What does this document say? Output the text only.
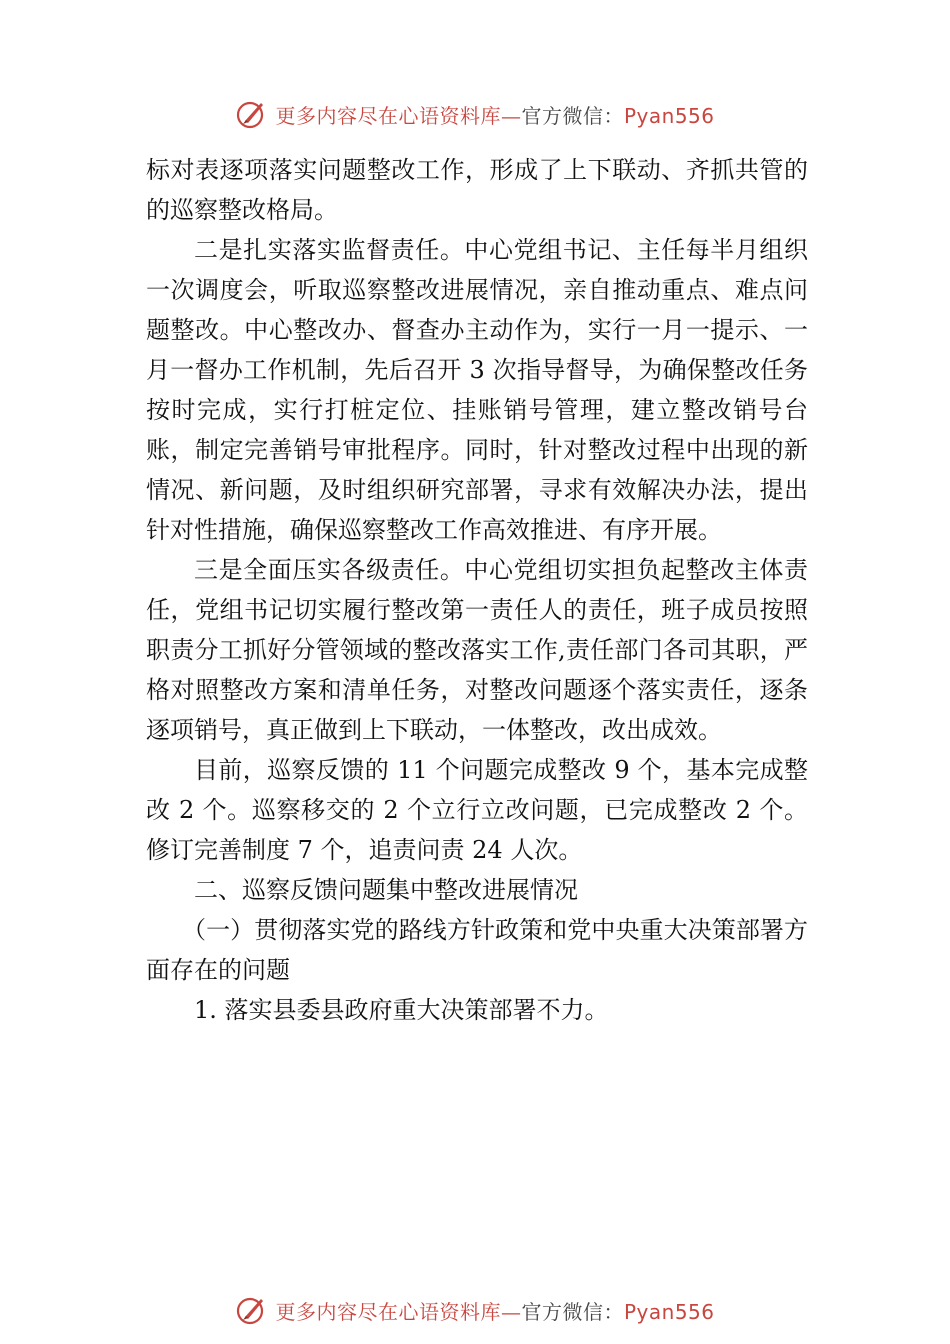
更多内容尽在心语资料库—官方微信：Pyan556

标对表逐项落实问题整改工作，形成了上下联动、齐抓共管的的巡察整改格局。

二是扎实落实监督责任。中心党组书记、主任每半月组织一次调度会，听取巡察整改进展情况，亲自推动重点、难点问题整改。中心整改办、督查办主动作为，实行一月一提示、一月一督办工作机制，先后召开 3 次指导督导，为确保整改任务按时完成，实行打桩定位、挂账销号管理，建立整改销号台账，制定完善销号审批程序。同时，针对整改过程中出现的新情况、新问题，及时组织研究部署，寻求有效解决办法，提出针对性措施，确保巡察整改工作高效推进、有序开展。

三是全面压实各级责任。中心党组切实担负起整改主体责任，党组书记切实履行整改第一责任人的责任，班子成员按照职责分工抓好分管领域的整改落实工作,责任部门各司其职，严格对照整改方案和清单任务，对整改问题逐个落实责任，逐条逐项销号，真正做到上下联动，一体整改，改出成效。

目前，巡察反馈的 11 个问题完成整改 9 个，基本完成整改 2 个。巡察移交的 2 个立行立改问题，已完成整改 2 个。修订完善制度 7 个，追责问责 24 人次。

二、巡察反馈问题集中整改进展情况

（一）贯彻落实党的路线方针政策和党中央重大决策部署方面存在的问题

1. 落实县委县政府重大决策部署不力。

更多内容尽在心语资料库—官方微信：Pyan556
